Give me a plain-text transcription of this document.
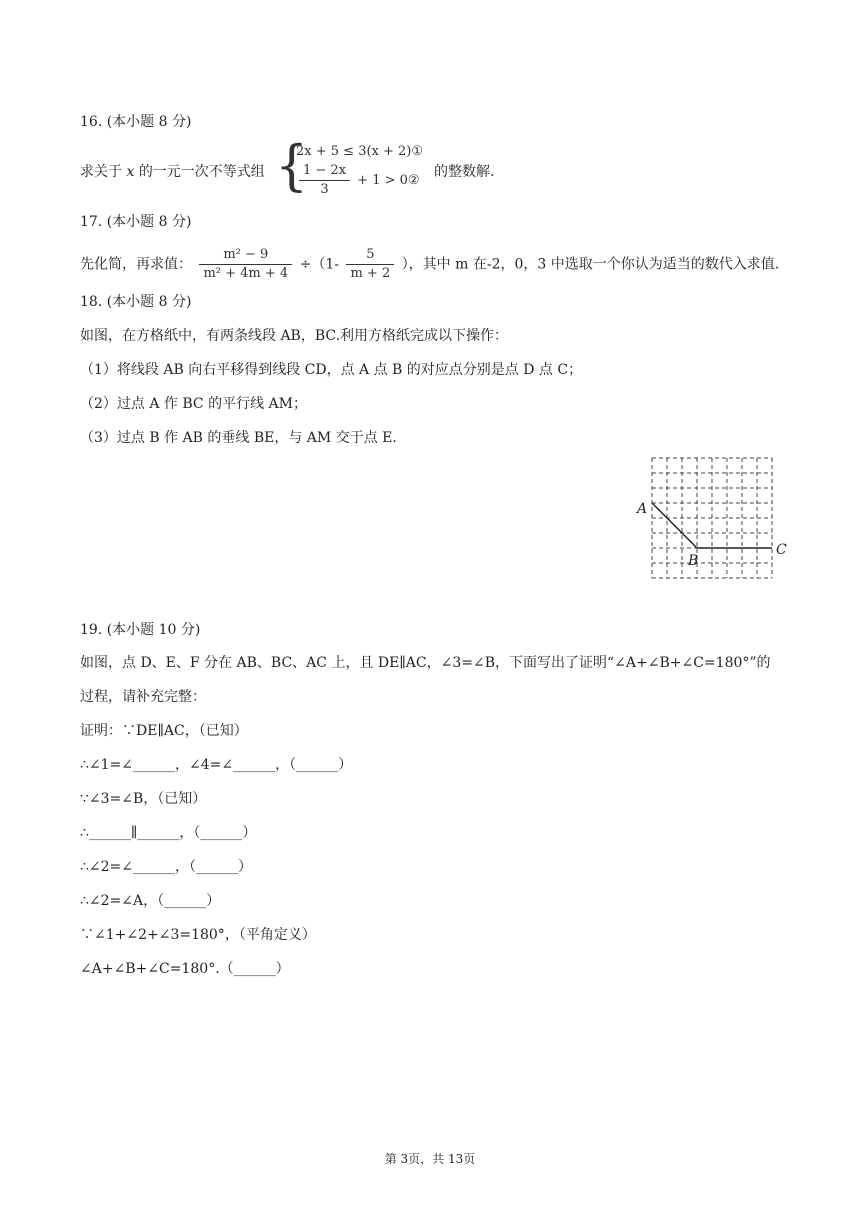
16. (本小题 8 分)
求关于 x 的一元一次不等式组 {
2x + 5 ≤ 3(x + 2)①
$\frac{1 - 2x}{3} + 1$ > 0②
的整数解.
17. (本小题 8 分)
先化简，再求值： $\frac{\text{m² − 9}}{\text{m² + 4m + 4}} \div(1- \frac{5}{m + 2}$ ），其中 m 在-2，0，3 中选取一个你认为适当的数代入求值.
18. (本小题 8 分)
如图，在方格纸中，有两条线段 AB，BC.利用方格纸完成以下操作：
（1）将线段 AB 向右平移得到线段 CD，点 A 点 B 的对应点分别是点 D 点 C；
（2）过点 A 作 BC 的平行线 AM；
（3）过点 B 作 AB 的垂线 BE，与 AM 交于点 E.
A
B
C
19. (本小题 10 分)
如图，点 D、E、F 分在 AB、BC、AC 上，且 DE∥AC，∠3=∠B，下面写出了证明“∠A+∠B+∠C=180°”的
过程，请补充完整：
证明：∵DE∥AC，（已知）
∴∠1=∠______，∠4=∠______，（______）
∵∠3=∠B，（已知）
∴______∥______，（______）
∴∠2=∠______，（______）
∴∠2=∠A，（______）
∵∠1+∠2+∠3=180°，（平角定义）
∠A+∠B+∠C=180°.（______）
第 3页，共 13页
